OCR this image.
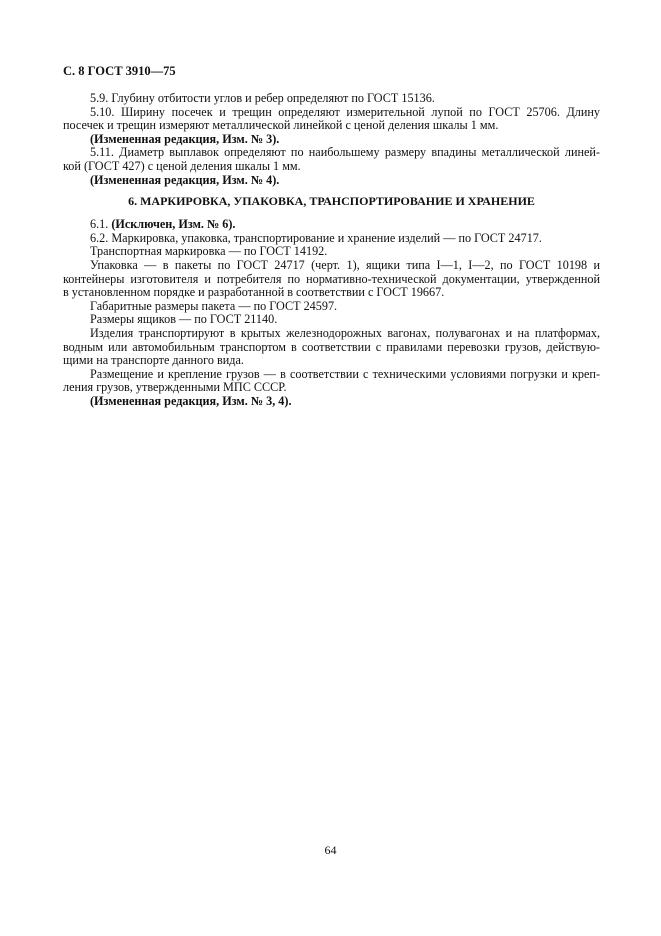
С. 8 ГОСТ 3910—75
5.9. Глубину отбитости углов и ребер определяют по ГОСТ 15136.
5.10. Ширину посечек и трещин определяют измерительной лупой по ГОСТ 25706. Длину
посечек и трещин измеряют металлической линейкой с ценой деления шкалы 1 мм.
(Измененная редакция, Изм. № 3).
5.11. Диаметр выплавок определяют по наибольшему размеру впадины металлической линей-
кой (ГОСТ 427) с ценой деления шкалы 1 мм.
(Измененная редакция, Изм. № 4).
6. МАРКИРОВКА, УПАКОВКА, ТРАНСПОРТИРОВАНИЕ И ХРАНЕНИЕ
6.1. (Исключен, Изм. № 6).
6.2. Маркировка, упаковка, транспортирование и хранение изделий — по ГОСТ 24717.
Транспортная маркировка — по ГОСТ 14192.
Упаковка — в пакеты по ГОСТ 24717 (черт. 1), ящики типа I—1, I—2, по ГОСТ 10198 и
контейнеры изготовителя и потребителя по нормативно-технической документации, утвержденной
в установленном порядке и разработанной в соответствии с ГОСТ 19667.
Габаритные размеры пакета — по ГОСТ 24597.
Размеры ящиков — по ГОСТ 21140.
Изделия транспортируют в крытых железнодорожных вагонах, полувагонах и на платформах,
водным или автомобильным транспортом в соответствии с правилами перевозки грузов, действую-
щими на транспорте данного вида.
Размещение и крепление грузов — в соответствии с техническими условиями погрузки и креп-
ления грузов, утвержденными МПС СССР.
(Измененная редакция, Изм. № 3, 4).
64
